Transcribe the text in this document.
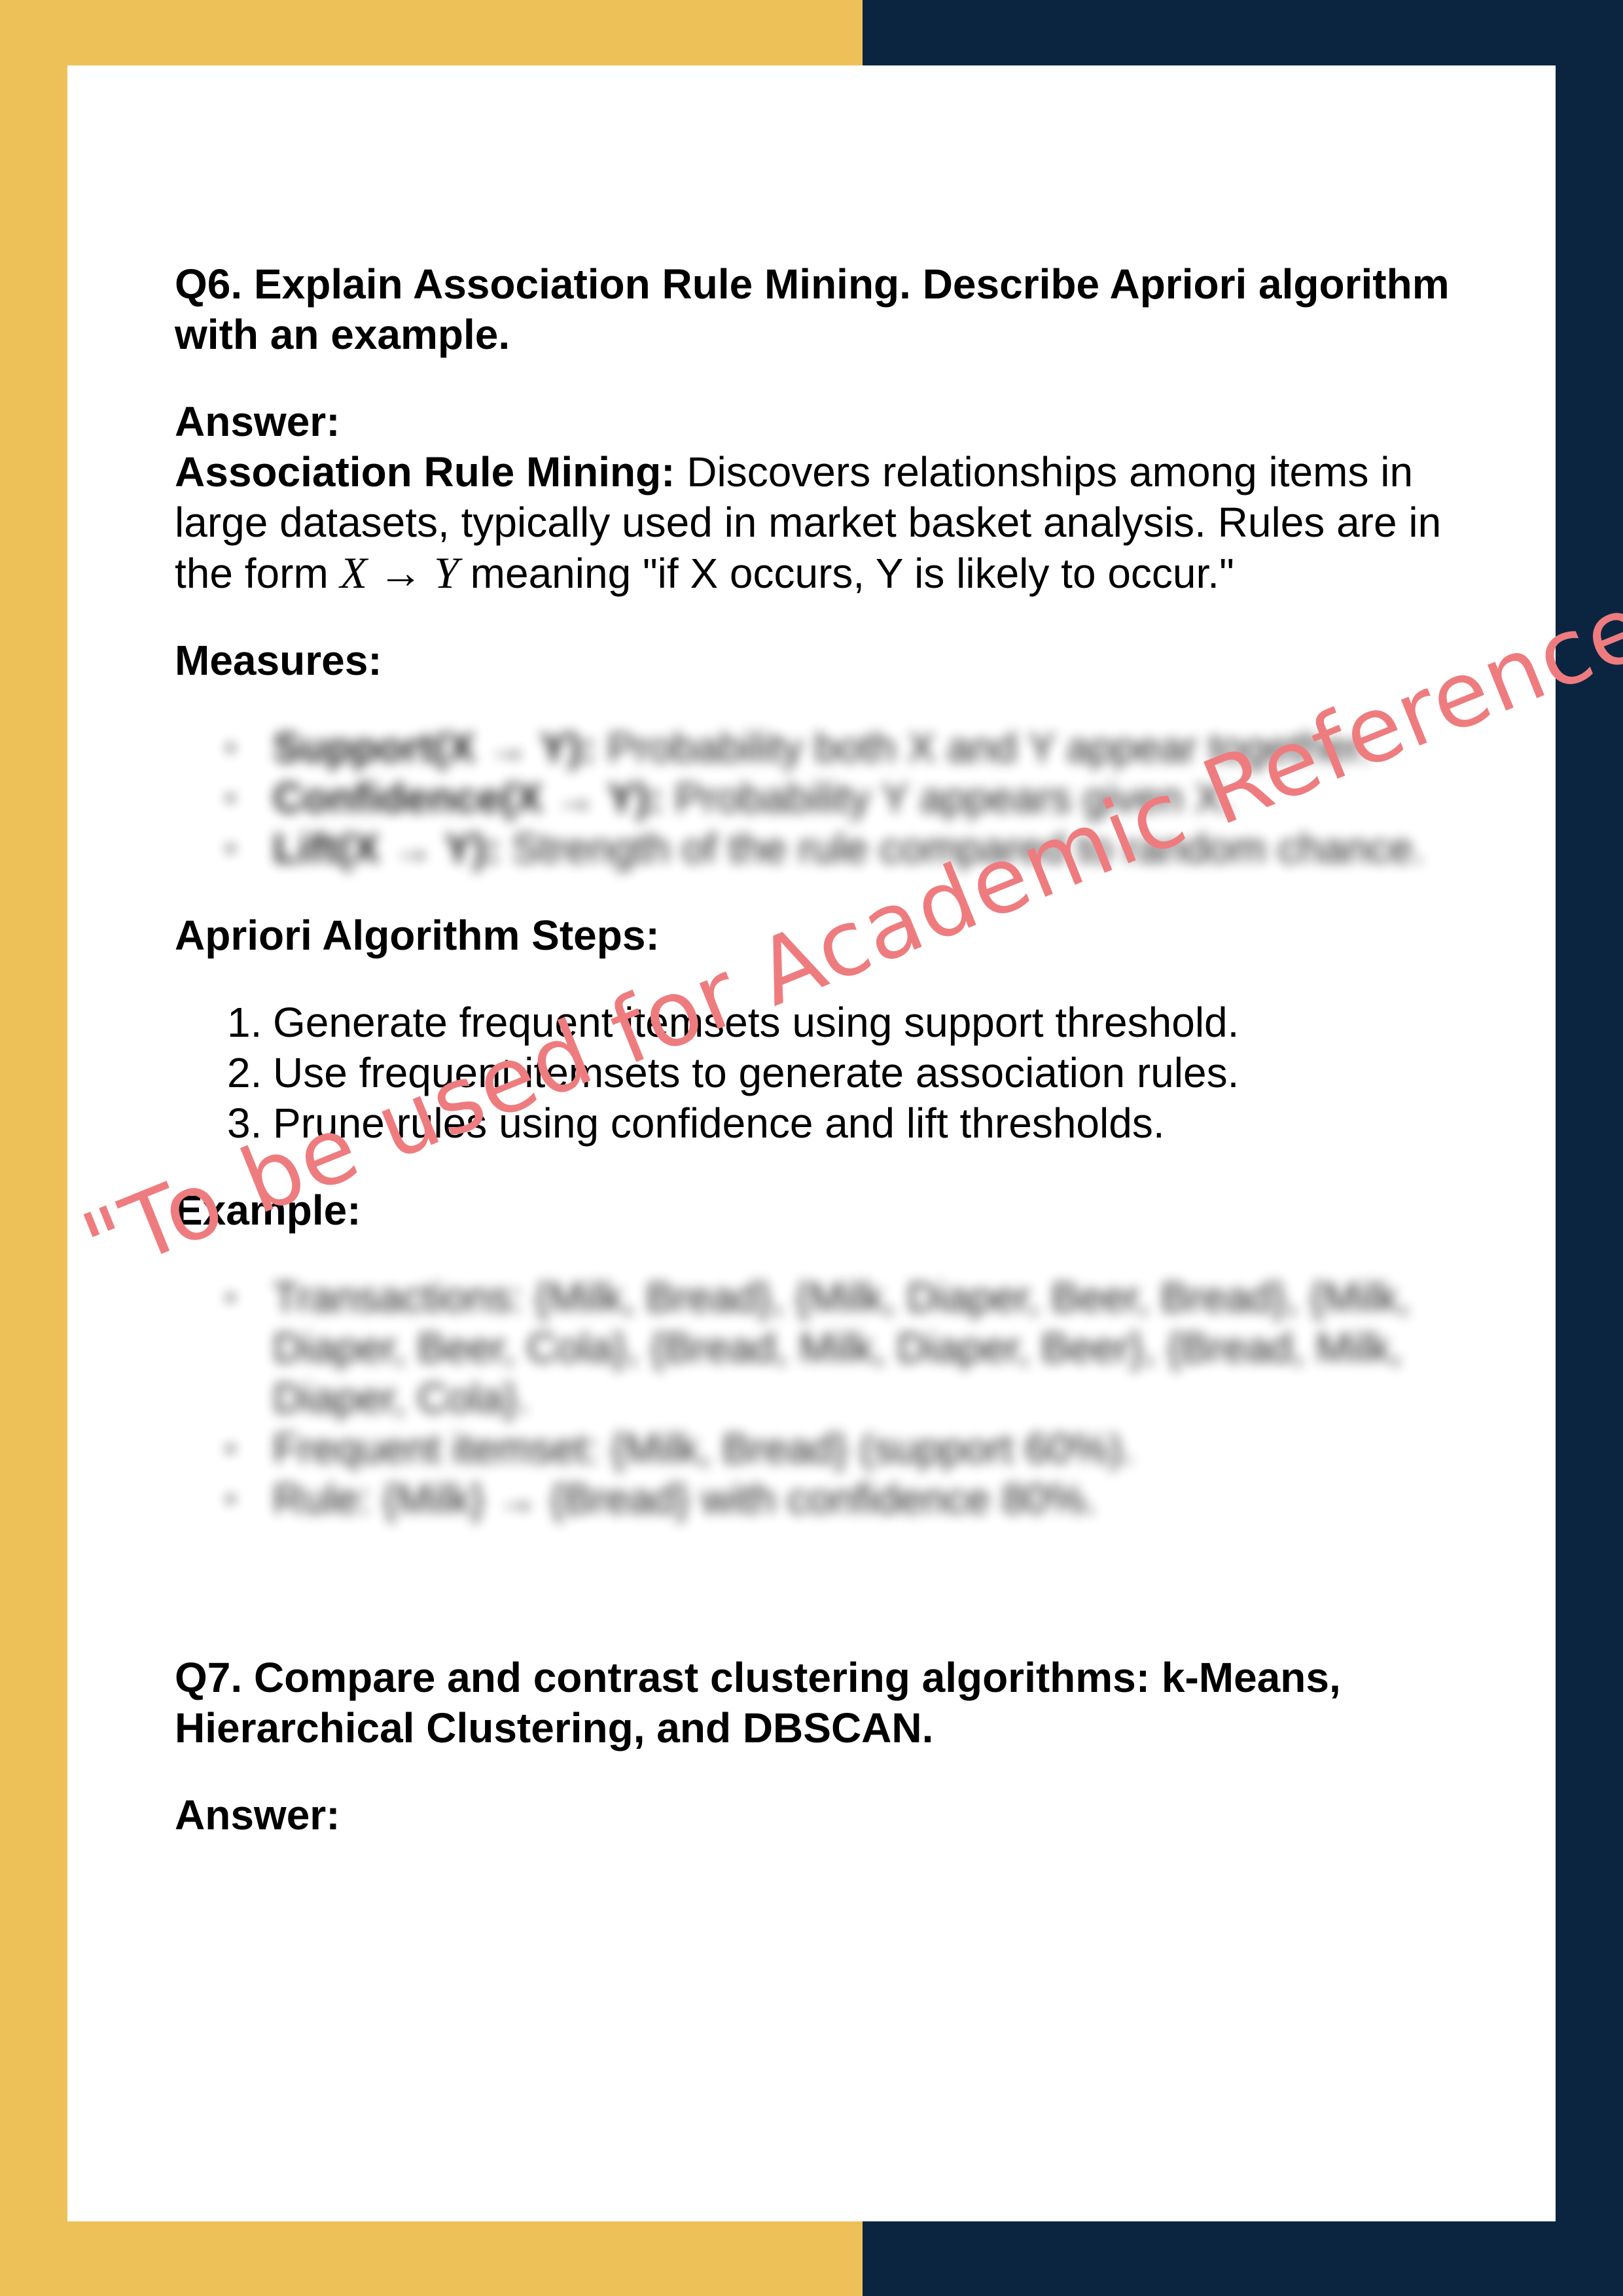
Q6. Explain Association Rule Mining. Describe Apriori algorithm with an example.

Answer:

Association Rule Mining: Discovers relationships among items in large datasets, typically used in market basket analysis. Rules are in the form X → Y meaning "if X occurs, Y is likely to occur."

Measures:

▪ Support(X → Y): Probability both X and Y appear together.
▪ Confidence(X → Y): Probability Y appears given X.
▪ Lift(X → Y): Strength of the rule compared to random chance.

Apriori Algorithm Steps:

1. Generate frequent itemsets using support threshold.
2. Use frequent itemsets to generate association rules.
3. Prune rules using confidence and lift thresholds.

Example:

▪ Transactions: {Milk, Bread}, {Milk, Diaper, Beer, Bread}, {Milk, Diaper, Beer, Cola}, {Bread, Milk, Diaper, Beer}, {Bread, Milk, Diaper, Cola}.
▪ Frequent itemset: {Milk, Bread} (support 60%).
▪ Rule: {Milk} → {Bread} with confidence 80%.

Q7. Compare and contrast clustering algorithms: k-Means, Hierarchical Clustering, and DBSCAN.

Answer:

"To be used for Academic Reference
